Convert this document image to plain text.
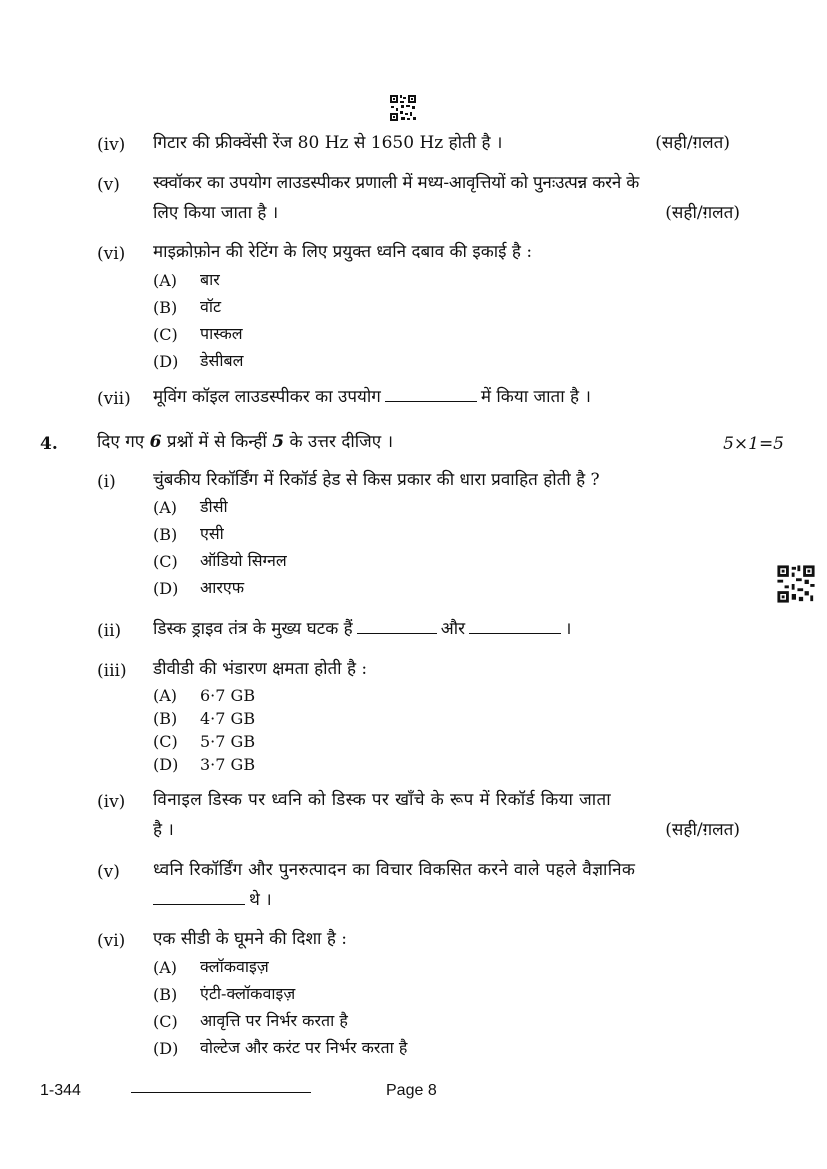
(iv) गिटार की फ्रीक्वेंसी रेंज 80 Hz से 1650 Hz होती है ।	(सही/ग़लत)
(v) स्क्वॉकर का उपयोग लाउडस्पीकर प्रणाली में मध्य-आवृत्तियों को पुनःउत्पन्न करने के
लिए किया जाता है ।	(सही/ग़लत)
(vi) माइक्रोफ़ोन की रेटिंग के लिए प्रयुक्त ध्वनि दबाव की इकाई है :
(A) बार
(B) वॉट
(C) पास्कल
(D) डेसीबल
(vii) मूविंग कॉइल लाउडस्पीकर का उपयोग	में किया जाता है ।
4. दिए गए 6 प्रश्नों में से किन्हीं 5 के उत्तर दीजिए ।	5×1=5
(i) चुंबकीय रिकॉर्डिंग में रिकॉर्ड हेड से किस प्रकार की धारा प्रवाहित होती है ?
(A) डीसी
(B) एसी
(C) ऑडियो सिग्नल
(D) आरएफ
(ii) डिस्क ड्राइव तंत्र के मुख्य घटक हैं	और	।
(iii) डीवीडी की भंडारण क्षमता होती है :
(A) 6·7 GB
(B) 4·7 GB
(C) 5·7 GB
(D) 3·7 GB
(iv) विनाइल डिस्क पर ध्वनि को डिस्क पर खाँचे के रूप में रिकॉर्ड किया जाता
है ।	(सही/ग़लत)
(v) ध्वनि रिकॉर्डिंग और पुनरुत्पादन का विचार विकसित करने वाले पहले वैज्ञानिक
थे ।
(vi) एक सीडी के घूमने की दिशा है :
(A) क्लॉकवाइज़
(B) एंटी-क्लॉकवाइज़
(C) आवृत्ति पर निर्भर करता है
(D) वोल्टेज और करंट पर निर्भर करता है
1-344	Page 8
